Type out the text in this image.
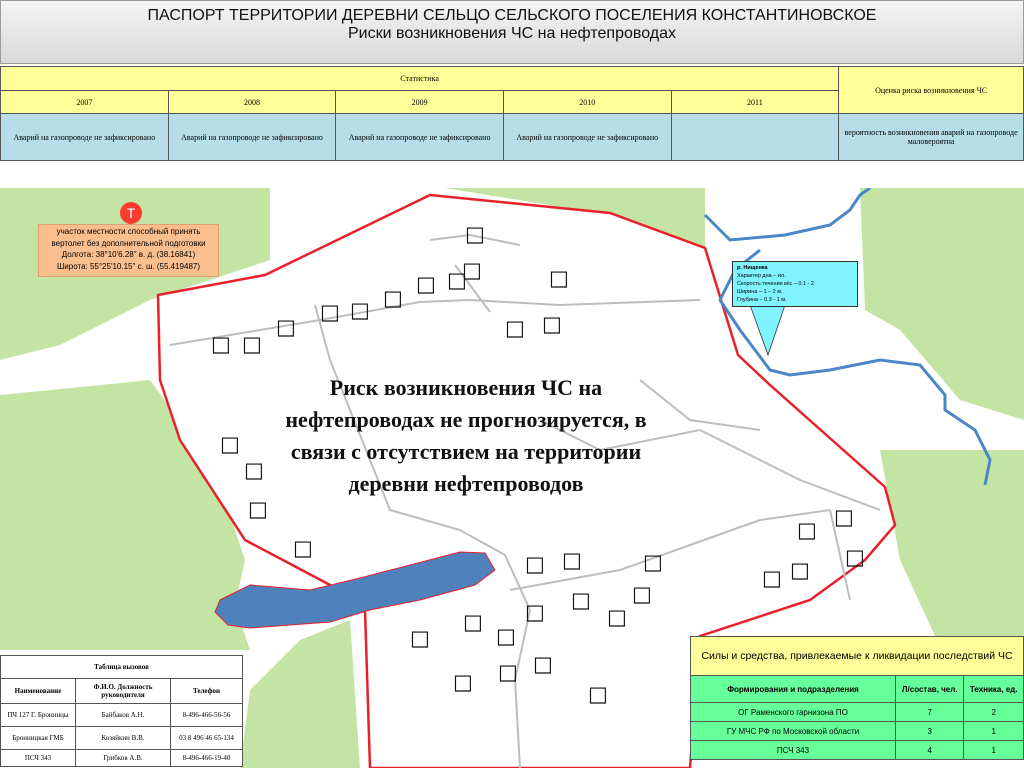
ПАСПОРТ ТЕРРИТОРИИ ДЕРЕВНИ СЕЛЬЦО СЕЛЬСКОГО ПОСЕЛЕНИЯ КОНСТАНТИНОВСКОЕ
Риски возникновения ЧС на нефтепроводах
Статистика					Оценка риска возникновения ЧС
2007	2008	2009	2010	2011	
Аварий на газопроводе не зафиксировано	Аварий на газопроводе не зафиксировано	Аварий на газопроводе не зафиксировано	Аварий на газопроводе не зафиксировано		вероятность возникновения аварий на газопроводе маловероятна
Т
участок местности способный принять
вертолет без дополнительной подготовки
Долгота: 38°10'6.28" в. д. (38.16841)
Широта: 55°25'10.15" с. ш. (55.419487)	р. Нищенка
Характер дна – ил.
Скорость течения м\с – 0.1 - 2.
Ширина – 1 – 2 м.
Глубина – 0.3 - 1 м.
□
□
□ □	□
□ □ □
□ □
□	□ □
□
□
□
□
□
□
□ □
□
□ □	□
□ □
□
□
□
□
□
□ □ □
□
Риск возникновения ЧС на нефтепроводах не прогнозируется, в связи с отсутствием на территории деревни нефтепроводов
Таблица вызовов		
Наименование	Ф.И.О. Должность руководителя	Телефон
ПЧ 127 Г. Бронницы	Байбаков А.Н.	8-496-466-56-56
Бронницкая ГМБ	Козяйкин В.В.	03 8 496 46 65-134
ПСЧ 343	Грибков А.В.	8-496-466-19-40
Силы и средства, привлекаемые к ликвидации последствий ЧС		
Формирования и подразделения	Л/состав, чел.	Техника, ед.
ОГ Раменского гарнизона ПО	7	2
ГУ МЧС РФ по Московской области	3	1
ПСЧ 343	4	1
